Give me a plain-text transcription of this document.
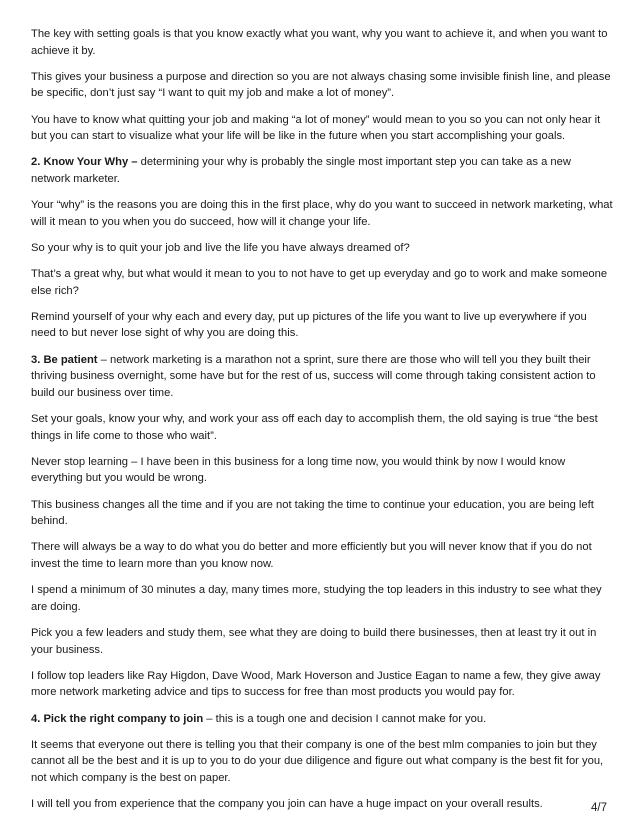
The key with setting goals is that you know exactly what you want, why you want to achieve it, and when you want to achieve it by.

This gives your business a purpose and direction so you are not always chasing some invisible finish line, and please be specific, don’t just say “I want to quit my job and make a lot of money”.

You have to know what quitting your job and making “a lot of money” would mean to you so you can not only hear it but you can start to visualize what your life will be like in the future when you start accomplishing your goals.

2. Know Your Why – determining your why is probably the single most important step you can take as a new network marketer.

Your “why” is the reasons you are doing this in the first place, why do you want to succeed in network marketing, what will it mean to you when you do succeed, how will it change your life.

So your why is to quit your job and live the life you have always dreamed of?

That’s a great why, but what would it mean to you to not have to get up everyday and go to work and make someone else rich?

Remind yourself of your why each and every day, put up pictures of the life you want to live up everywhere if you need to but never lose sight of why you are doing this.

3. Be patient – network marketing is a marathon not a sprint, sure there are those who will tell you they built their thriving business overnight, some have but for the rest of us, success will come through taking consistent action to build our business over time.

Set your goals, know your why, and work your ass off each day to accomplish them, the old saying is true “the best things in life come to those who wait”.

Never stop learning – I have been in this business for a long time now, you would think by now I would know everything but you would be wrong.

This business changes all the time and if you are not taking the time to continue your education, you are being left behind.

There will always be a way to do what you do better and more efficiently but you will never know that if you do not invest the time to learn more than you know now.

I spend a minimum of 30 minutes a day, many times more, studying the top leaders in this industry to see what they are doing.

Pick you a few leaders and study them, see what they are doing to build there businesses, then at least try it out in your business.

I follow top leaders like Ray Higdon, Dave Wood, Mark Hoverson and Justice Eagan to name a few, they give away more network marketing advice and tips to success for free than most products you would pay for.

4. Pick the right company to join – this is a tough one and decision I cannot make for you.

It seems that everyone out there is telling you that their company is one of the best mlm companies to join but they cannot all be the best and it is up to you to do your due diligence and figure out what company is the best fit for you, not which company is the best on paper.

I will tell you from experience that the company you join can have a huge impact on your overall results.	4/7
